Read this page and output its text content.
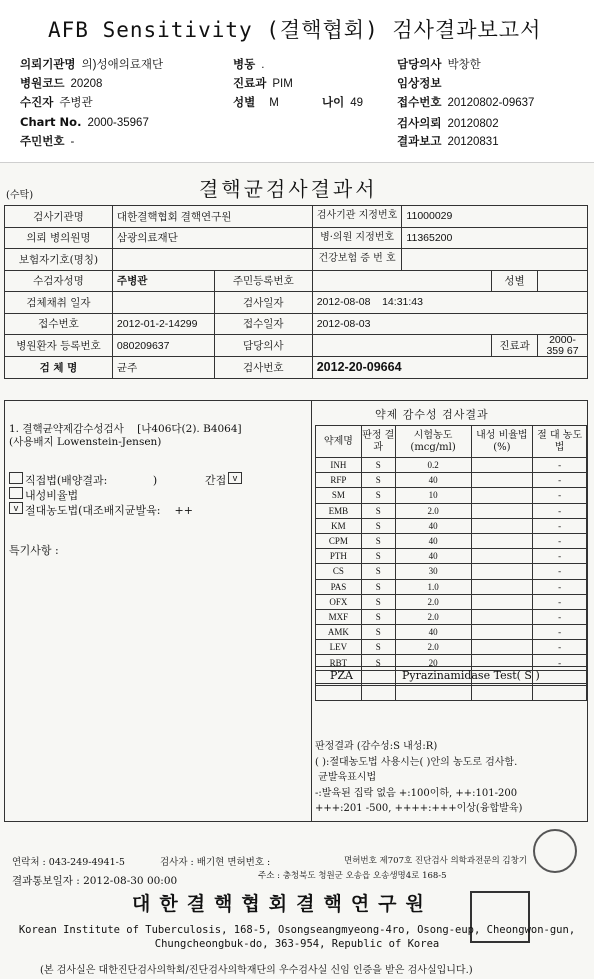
AFB Sensitivity (결핵협회) 검사결과보고서
의뢰기관명 의)성애의료재단	병동 .	담당의사 박창한
병원코드 20208	진료과 PIM	임상정보
수진자 주병관	성별 M	나이 49	접수번호 20120802-09637
Chart No. 2000-35967	검사의뢰 20120802
주민번호 -	결과보고 20120831
(수탁)	결핵균검사결과서
검사기관명	대한결핵협회 결핵연구원		검사기관 지정번호	11000029		
의뢰 병의원명	삼광의료재단		병·의원 지정번호	11365200		
보험자기호(명칭)			건강보험 증 번 호			
수검자성명	주병관	주민등록번호			성별	
검체채취 일자		검사일자	2012-08-08    14:31:43			
접수번호	2012-01-2-14299	접수일자	2012-08-03			
병원환자 등록번호	080209637	담당의사			진료과	2000-359 67
검 체 명	균주	검사번호	2012-20-09664			
1. 결핵균약제감수성검사    [나406다(2). B4064]
(사용배지 Lowenstein-Jensen)
직접법(배양결과:             )	간접 v
내성비율법
v 절대농도법(대조배지균발육:    ++
특기사항 :
약제 감수성 검사결과
약제명	판정 결과	시험농도 (mcg/ml)	내성 비율법(%)	절 대 농도법
INH	S	0.2		-
RFP	S	40		-
SM	S	10		-
EMB	S	2.0		-
KM	S	40		-
CPM	S	40		-
PTH	S	40		-
CS	S	30		-
PAS	S	1.0		-
OFX	S	2.0		-
MXF	S	2.0		-
AMK	S	40		-
LEV	S	2.0		-
RBT	S	20		-

PZA	Pyrazinamidase Test( S )
판정결과 (감수성:S 내성:R)
( ):절대농도법 사용시는( )안의 농도로 검사함.
균발육표시법
-:발육된 집락 없음 +:100이하, ++:101-200
+++:201 -500, ++++:+++이상(융합발육)
연락처 : 043-249-4941-5	검사자 : 배기현 면허번호 :	면허번호 제707호 진단검사 의학과전문의 김창기
결과통보일자 : 2012-08-30 00:00	주소 : 충청북도 청원군 오송읍 오송생명4로 168-5
대한결핵협회결핵연구원
Korean Institute of Tuberculosis, 168-5, Osongseangmyeong-4ro, Osong-eup, Cheongwon-gun, Chungcheongbuk-do, 363-954, Republic of Korea
(본 검사실은 대한진단검사의학회/진단검사의학재단의 우수검사실 신임 인증을 받은 검사실입니다.)
